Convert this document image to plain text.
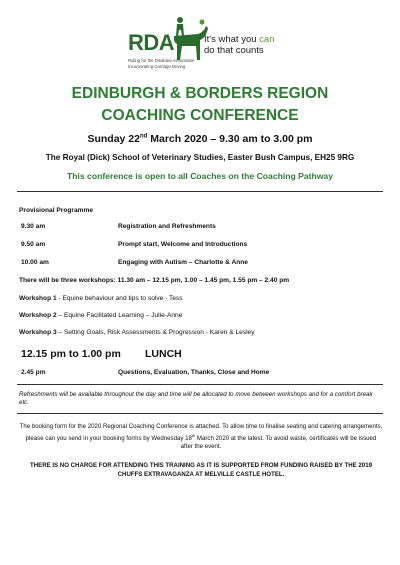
RDA	It's what you can
do that counts
Riding for the Disabled Association
Incorporating Carriage Driving
EDINBURGH & BORDERS REGION
COACHING CONFERENCE
Sunday 22nd March 2020 – 9.30 am to 3.00 pm
The Royal (Dick) School of Veterinary Studies, Easter Bush Campus, EH25 9RG
This conference is open to all Coaches on the Coaching Pathway
Provisional Programme
9.30 am	Registration and Refreshments
9.50 am	Prompt start, Welcome and Introductions
10.00 am	Engaging with Autism – Charlotte & Anne
There will be three workshops: 11.30 am – 12.15 pm, 1.00 – 1.45 pm, 1.55 pm – 2.40 pm
Workshop 1 - Equine behaviour and tips to solve - Tess
Workshop 2 – Equine Facilitated Learning – Julie-Anne
Workshop 3 – Setting Goals, Risk Assessments & Progression - Karen & Lesley
12.15 pm to 1.00 pm LUNCH
2.45 pm	Questions, Evaluation, Thanks, Close and Home
Refreshments will be available throughout the day and time will be allocated to move between workshops and for a comfort break etc.
The booking form for the 2020 Regional Coaching Conference is attached. To allow time to finalise seating and catering arrangements, please can you send in your booking forms by Wednesday 18th March 2020 at the latest. To avoid waste, certificates will be issued after the event.
THERE IS NO CHARGE FOR ATTENDING THIS TRAINING AS IT IS SUPPORTED FROM FUNDING RAISED BY THE 2019 CHUFFS EXTRAVAGANZA AT MELVILLE CASTLE HOTEL.
